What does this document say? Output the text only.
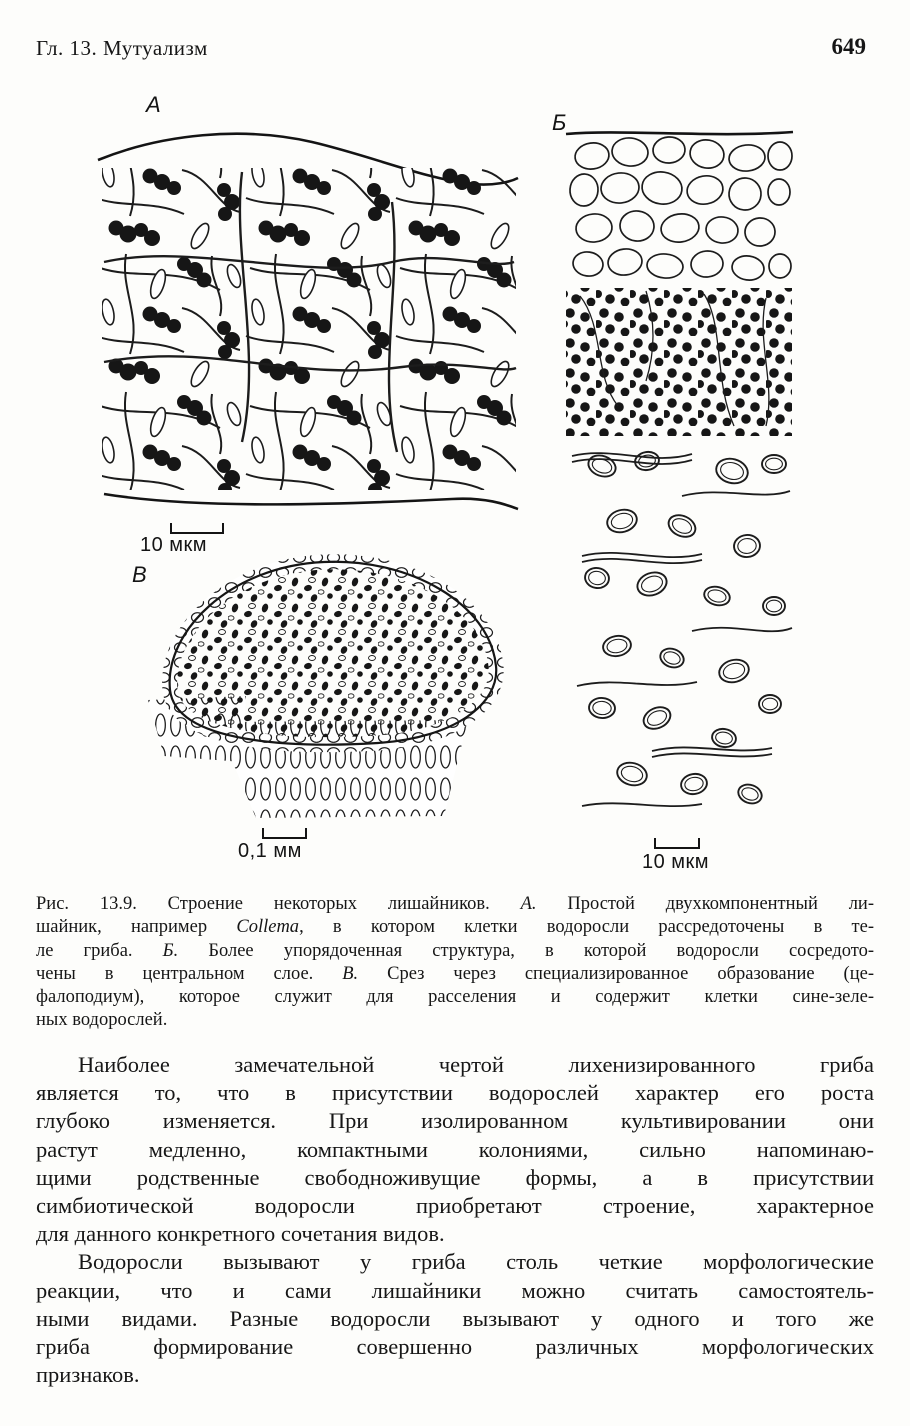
Гл. 13. Мутуализм	649
А
10 мкм
Б
10 мкм
В
0,1 мм
Рис. 13.9. Строение некоторых лишайников. А. Простой двухкомпонентный ли-
шайник, например Collema, в котором клетки водоросли рассредоточены в те-
ле гриба. Б. Более упорядоченная структура, в которой водоросли сосредото-
чены в центральном слое. В. Срез через специализированное образование (це-
фалоподиум), которое служит для расселения и содержит клетки сине-зеле-
ных водорослей.
Наиболее замечательной чертой лихенизированного гриба
является то, что в присутствии водорослей характер его роста
глубоко изменяется. При изолированном культивировании они
растут медленно, компактными колониями, сильно напоминаю-
щими родственные свободноживущие формы, а в присутствии
симбиотической водоросли приобретают строение, характерное
для данного конкретного сочетания видов.
Водоросли вызывают у гриба столь четкие морфологические
реакции, что и сами лишайники можно считать самостоятель-
ными видами. Разные водоросли вызывают у одного и того же
гриба формирование совершенно различных морфологических
признаков.
